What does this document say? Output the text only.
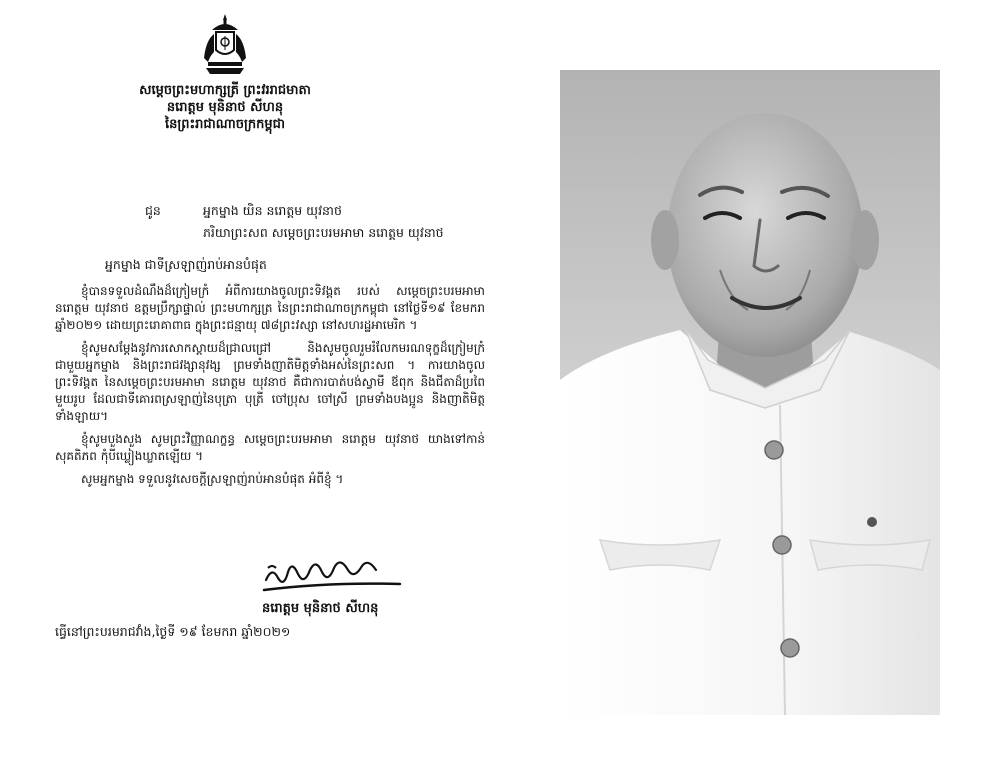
សម្តេចព្រះមហាក្សត្រី ព្រះវររាជមាតា
នរោត្តម មុនិនាថ សីហនុ
នៃព្រះរាជាណាចក្រកម្ពុជា
ជូន	អ្នកម្នាង យិន នរោត្តម យុវនាថ
ភរិយាព្រះសព សម្តេចព្រះបរមអាមា នរោត្តម យុវនាថ
អ្នកម្នាង ជាទីស្រឡាញ់រាប់អានបំផុត

ខ្ញុំបានទទួលដំណឹងដ៏ក្រៀមក្រំ អំពីការយាងចូលព្រះទិវង្គត របស់ សម្តេចព្រះបរមអាមា នរោត្តម យុវនាថ ឧត្តមប្រឹក្សាផ្ទាល់ ព្រះមហាក្សត្រ នៃព្រះរាជាណាចក្រកម្ពុជា នៅថ្ងៃទី១៩ ខែមករា ឆ្នាំ២០២១ ដោយព្រះរោគាពាធ ក្នុងព្រះជន្មាយុ ៧៨ព្រះវស្សា នៅសហរដ្ឋអាមេរិក ។

ខ្ញុំសូមសម្តែងនូវការសោកស្តាយដ៏ជ្រាលជ្រៅ និងសូមចូលរួមរំលែកមរណទុក្ខដ៏ក្រៀមក្រំ ជាមួយអ្នកម្នាង និងព្រះរាជវង្សានុវង្ស ព្រមទាំងញាតិមិត្តទាំងអស់នៃព្រះសព ។ ការយាងចូលព្រះទិវង្គត នៃសម្តេចព្រះបរមអាមា នរោត្តម យុវនាថ គឺជាការបាត់បង់ស្វាមី ឪពុក និងជីតាដ៏ប្រពៃមួយរូប ដែលជាទីគោរពស្រឡាញ់នៃបុត្រា បុត្រី ចៅប្រុស ចៅស្រី ព្រមទាំងបងប្អូន និងញាតិមិត្តទាំងឡាយ។

ខ្ញុំសូមបួងសួង សូមព្រះវិញ្ញាណក្ខន្ធ សម្តេចព្រះបរមអាមា នរោត្តម យុវនាថ យាងទៅកាន់សុគតិភព កុំបីឃ្លៀងឃ្លាតឡើយ ។

សូមអ្នកម្នាង ទទួលនូវសេចក្តីស្រឡាញ់រាប់អានបំផុត អំពីខ្ញុំ ។

នរោត្តម មុនិនាថ សីហនុ
ធ្វើនៅព្រះបរមរាជវាំង,ថ្ងៃទី ១៩ ខែមករា ឆ្នាំ២០២១
